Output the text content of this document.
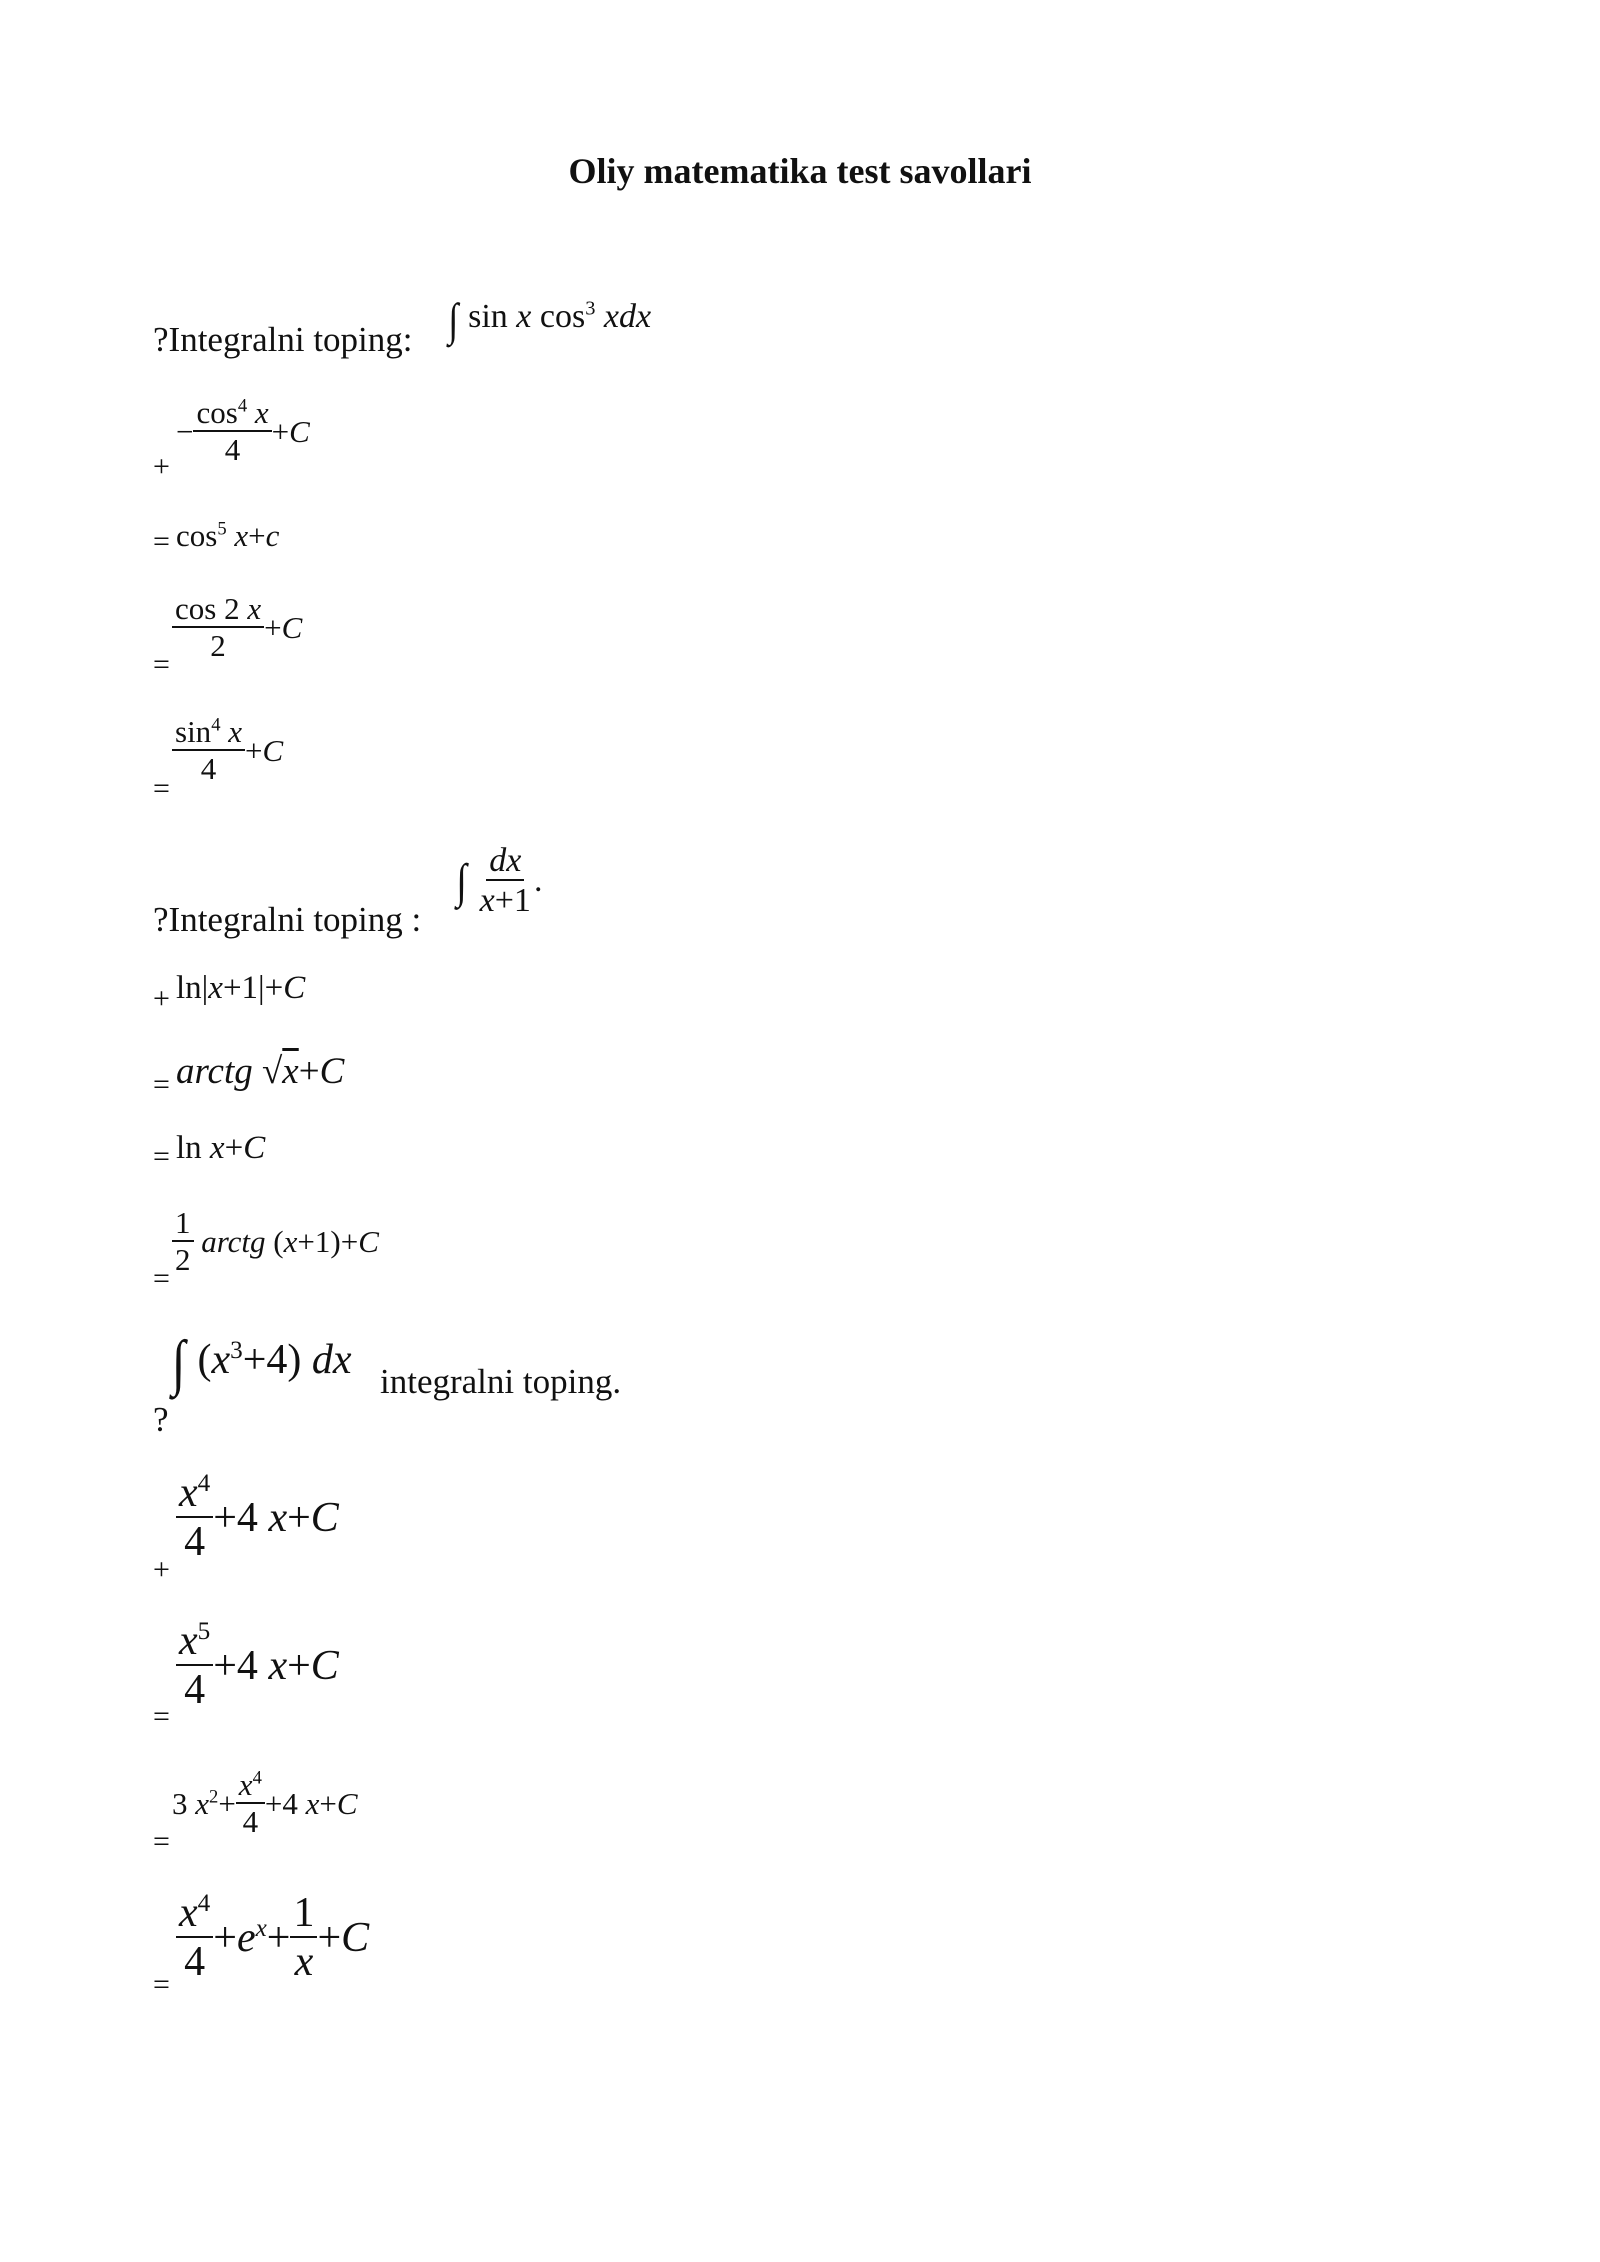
Oliy matematika test savollari
?Integralni toping: ∫ sin x $\cos^3$ xdx
+
− $\frac{\cos^4 x}{4} +C$
= $\cos^5 x+c$
=
$\frac{\cos 2 x}{2} +C$
=
$\frac{\sin^4 x}{4} +C$
?Integralni toping :
∫ $\frac{dx}{x+1}$ .
+ ln|x+1|+C
= arctg √x+C
= ln x+C
=
$\frac{1}{2}$ arctg (x+1)+C
?
∫ $(x^3+4)$ dx integralni toping.
+
$\frac{x^4}{4} +4$ x+C
=
$\frac{x^5}{4} +4$ x+C
=
3 $x^2+ \frac{x^4}{4} +4$ x+C
= $\frac{x^4}{4} +e^x+ \frac{1}{x} +C$
